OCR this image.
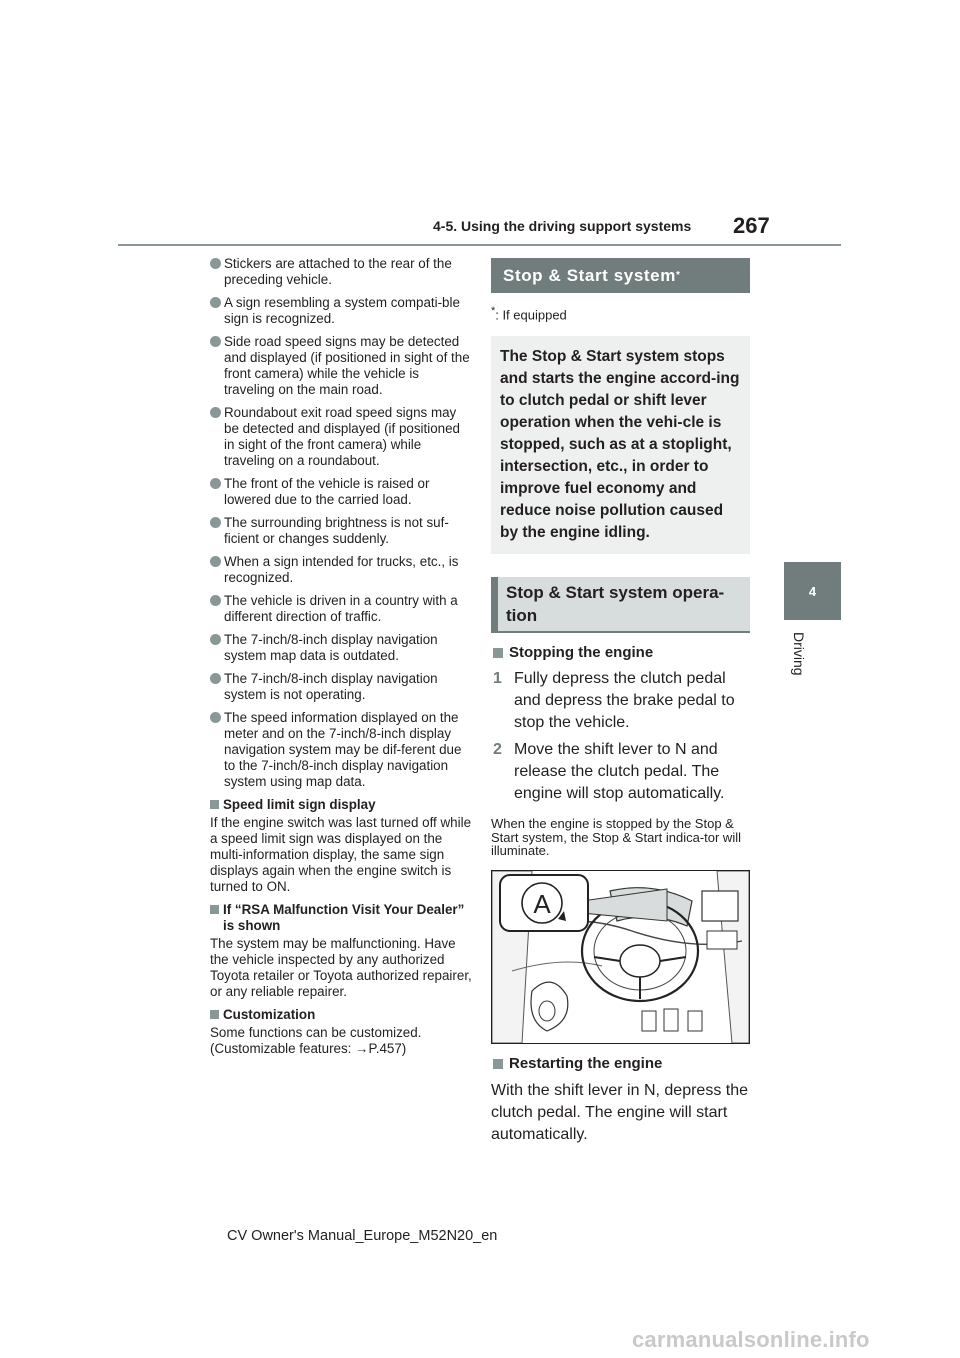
4-5. Using the driving support systems 267
4
Driving
Stickers are attached to the rear of the preceding vehicle.
A sign resembling a system compati-ble sign is recognized.
Side road speed signs may be detected and displayed (if positioned in sight of the front camera) while the vehicle is traveling on the main road.
Roundabout exit road speed signs may be detected and displayed (if positioned in sight of the front camera) while traveling on a roundabout.
The front of the vehicle is raised or lowered due to the carried load.
The surrounding brightness is not suf-ficient or changes suddenly.
When a sign intended for trucks, etc., is recognized.
The vehicle is driven in a country with a different direction of traffic.
The 7-inch/8-inch display navigation system map data is outdated.
The 7-inch/8-inch display navigation system is not operating.
The speed information displayed on the meter and on the 7-inch/8-inch display navigation system may be dif-ferent due to the 7-inch/8-inch display navigation system using map data.
Speed limit sign display

If the engine switch was last turned off while a speed limit sign was displayed on the multi-information display, the same sign displays again when the engine switch is turned to ON.

If “RSA Malfunction Visit Your Dealer” is shown

The system may be malfunctioning. Have the vehicle inspected by any authorized Toyota retailer or Toyota authorized repairer, or any reliable repairer.

Customization

Some functions can be customized. (Customizable features: →P.457)

Stop & Start system *
*: If equipped
The Stop & Start system stops and starts the engine accord-ing to clutch pedal or shift lever operation when the vehi-cle is stopped, such as at a stoplight, intersection, etc., in order to improve fuel economy and reduce noise pollution caused by the engine idling.
Stop & Start system opera-tion
Stopping the engine
1 Fully depress the clutch pedal and depress the brake pedal to stop the vehicle.
2 Move the shift lever to N and release the clutch pedal. The engine will stop automatically.

When the engine is stopped by the Stop & Start system, the Stop & Start indica-tor will illuminate.

A
Restarting the engine

With the shift lever in N, depress the clutch pedal. The engine will start automatically.

CV Owner's Manual_Europe_M52N20_en
carmanualsonline.info
